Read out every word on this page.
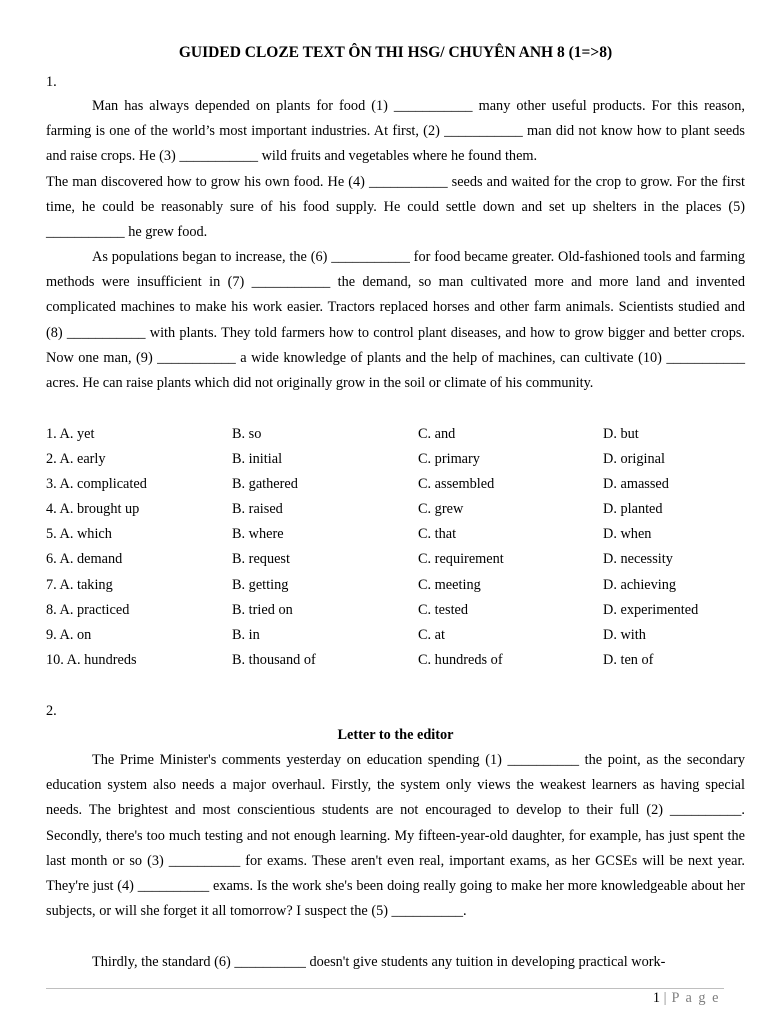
GUIDED CLOZE TEXT ÔN THI HSG/ CHUYÊN ANH 8 (1=>8)
1.

Man has always depended on plants for food (1) ___________ many other useful products. For this reason, farming is one of the world’s most important industries. At first, (2) ___________ man did not know how to plant seeds and raise crops. He (3) ___________ wild fruits and vegetables where he found them.

The man discovered how to grow his own food. He (4) ___________ seeds and waited for the crop to grow. For the first time, he could be reasonably sure of his food supply. He could settle down and set up shelters in the places (5) ___________ he grew food.

As populations began to increase, the (6) ___________ for food became greater. Old-fashioned tools and farming methods were insufficient in (7) ___________ the demand, so man cultivated more and more land and invented complicated machines to make his work easier. Tractors replaced horses and other farm animals. Scientists studied and (8) ___________ with plants. They told farmers how to control plant diseases, and how to grow bigger and better crops. Now one man, (9) ___________ a wide knowledge of plants and the help of machines, can cultivate (10) ___________ acres. He can raise plants which did not originally grow in the soil or climate of his community.

1. A. yet	B. so	C. and	D. but
2. A. early	B. initial	C. primary	D. original
3. A. complicated	B. gathered	C. assembled	D. amassed
4. A. brought up	B. raised	C. grew	D. planted
5. A. which	B. where	C. that	D. when
6. A. demand	B. request	C. requirement	D. necessity
7. A. taking	B. getting	C. meeting	D. achieving
8. A. practiced	B. tried on	C. tested	D. experimented
9. A. on	B. in	C. at	D. with
10. A. hundreds	B. thousand of	C. hundreds of	D. ten of
2.
Letter to the editor

The Prime Minister's comments yesterday on education spending (1) __________ the point, as the secondary education system also needs a major overhaul. Firstly, the system only views the weakest learners as having special needs. The brightest and most conscientious students are not encouraged to develop to their full (2) __________. Secondly, there's too much testing and not enough learning. My fifteen-year-old daughter, for example, has just spent the last month or so (3) __________ for exams. These aren't even real, important exams, as her GCSEs will be next year. They're just (4) __________ exams. Is the work she's been doing really going to make her more knowledgeable about her subjects, or will she forget it all tomorrow? I suspect the (5) __________.

Thirdly, the standard (6) __________ doesn't give students any tuition in developing practical work-

1 | P a g e
